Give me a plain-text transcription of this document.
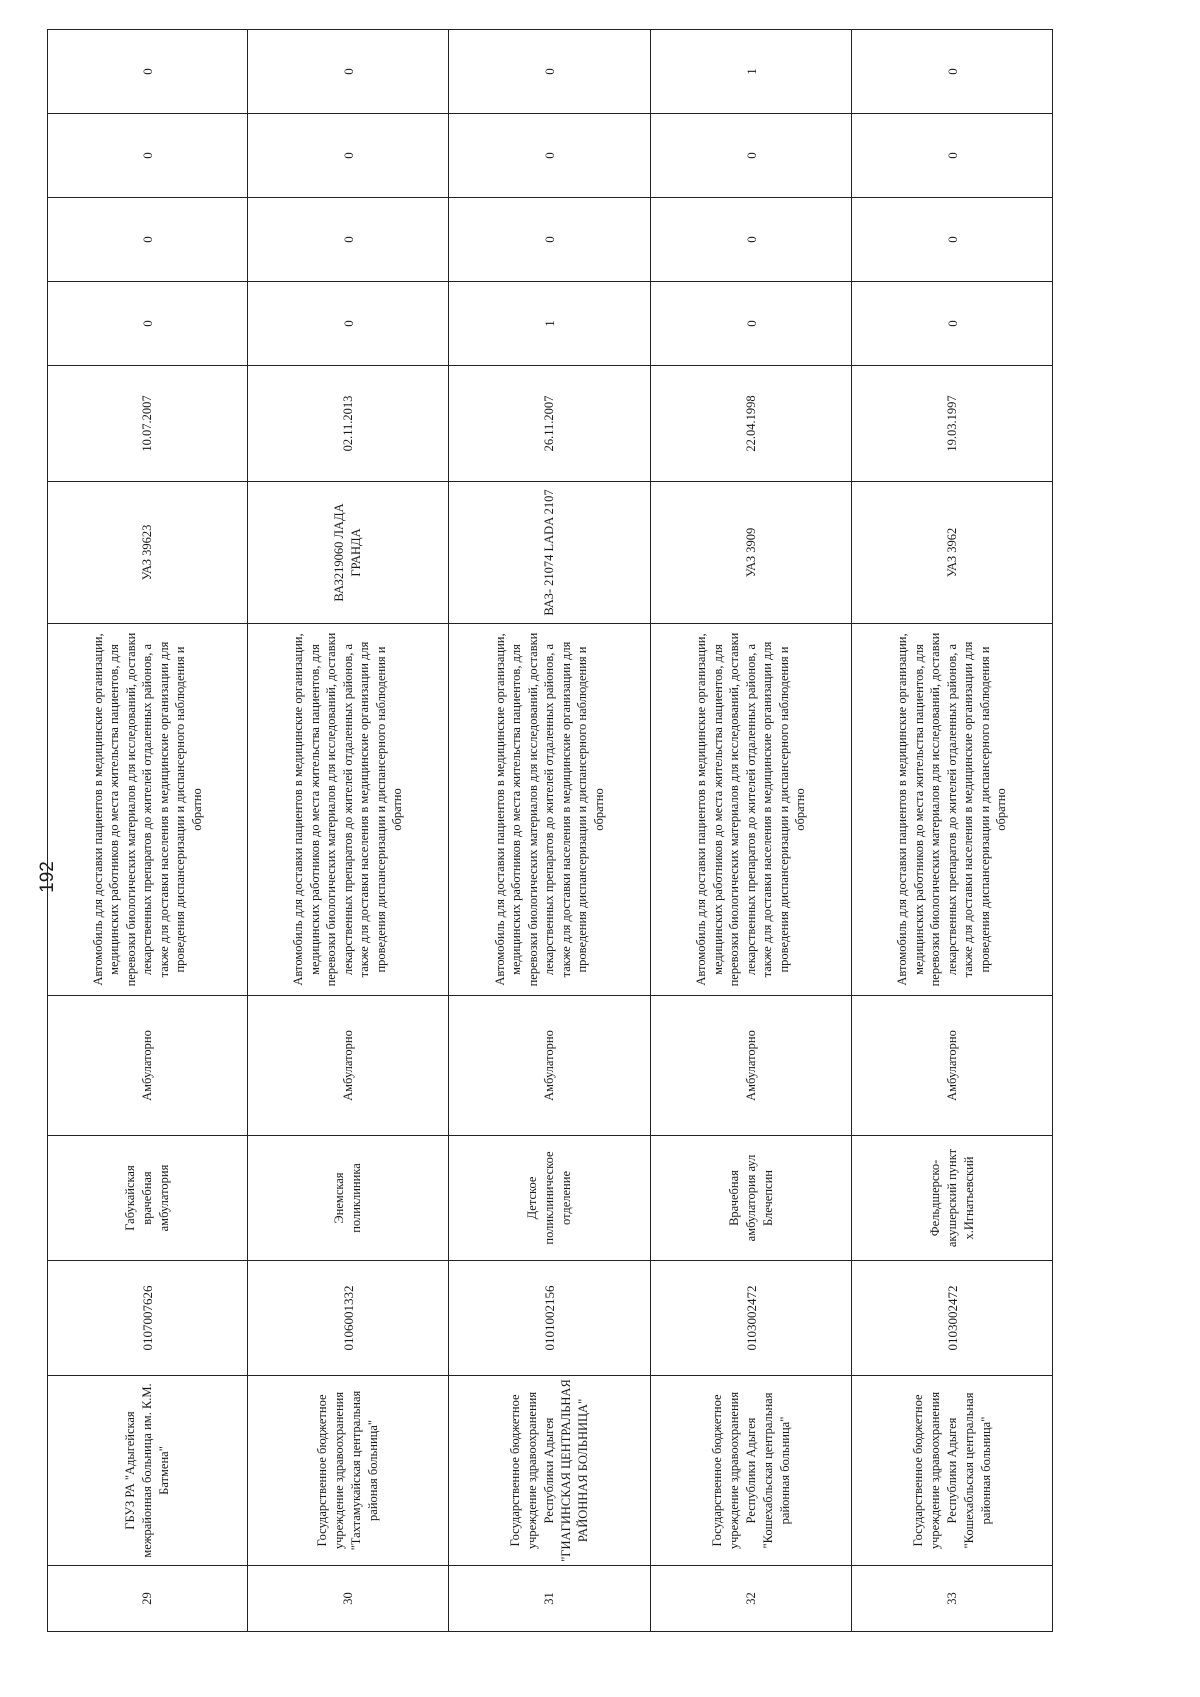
192
29	ГБУЗ РА "Адыгейская межрайонная больница им. К.М. Батмена"	0107007626	Габукайская врачебная амбулатория	Амбулаторно	Автомобиль для доставки пациентов в медицинские организации, медицинских работников до места жительства пациентов, для перевозки биологических материалов для исследований, доставки лекарственных препаратов до жителей отдаленных районов, а также для доставки населения в медицинские организации для проведения диспансеризации и диспансерного наблюдения и обратно	УАЗ 39623	10.07.2007	0	0	0	0	
30	Государственное бюджетное учреждение здравоохранения "Тахтамукайская центральная районая больница"	0106001332	Энемская поликлиника	Амбулаторно	Автомобиль для доставки пациентов в медицинские организации, медицинских работников до места жительства пациентов, для перевозки биологических материалов для исследований, доставки лекарственных препаратов до жителей отдаленных районов, а также для доставки населения в медицинские организации для проведения диспансеризации и диспансерного наблюдения и обратно	ВАЗ219060 ЛАДА ГРАНДА	02.11.2013	0	0	0	0	
31	Государственное бюджетное учреждение здравоохранения Республики Адыгея "ГИАГИНСКАЯ ЦЕНТРАЛЬНАЯ РАЙОННАЯ БОЛЬНИЦА"	0101002156	Детское поликлиническое отделение	Амбулаторно	Автомобиль для доставки пациентов в медицинские организации, медицинских работников до места жительства пациентов, для перевозки биологических материалов для исследований, доставки лекарственных препаратов до жителей отдаленных районов, а также для доставки населения в медицинские организации для проведения диспансеризации и диспансерного наблюдения и обратно	ВАЗ- 21074 LADA 2107	26.11.2007	1	0	0	0	
32	Государственное бюджетное учреждение здравоохранения Республики Адыгея "Кошехабльская центральная районная больница"	0103002472	Врачебная амбулатория аул Блечепсин	Амбулаторно	Автомобиль для доставки пациентов в медицинские организации, медицинских работников до места жительства пациентов, для перевозки биологических материалов для исследований, доставки лекарственных препаратов до жителей отдаленных районов, а также для доставки населения в медицинские организации для проведения диспансеризации и диспансерного наблюдения и обратно	УАЗ 3909	22.04.1998	0	0	0	1	
33	Государственное бюджетное учреждение здравоохранения Республики Адыгея "Кошехабльская центральная районная больница"	0103002472	Фельдшерско-акушерский пункт х.Игнатьевский	Амбулаторно	Автомобиль для доставки пациентов в медицинские организации, медицинских работников до места жительства пациентов, для перевозки биологических материалов для исследований, доставки лекарственных препаратов до жителей отдаленных районов, а также для доставки населения в медицинские организации для проведения диспансеризации и диспансерного наблюдения и обратно	УАЗ 3962	19.03.1997	0	0	0	0	
